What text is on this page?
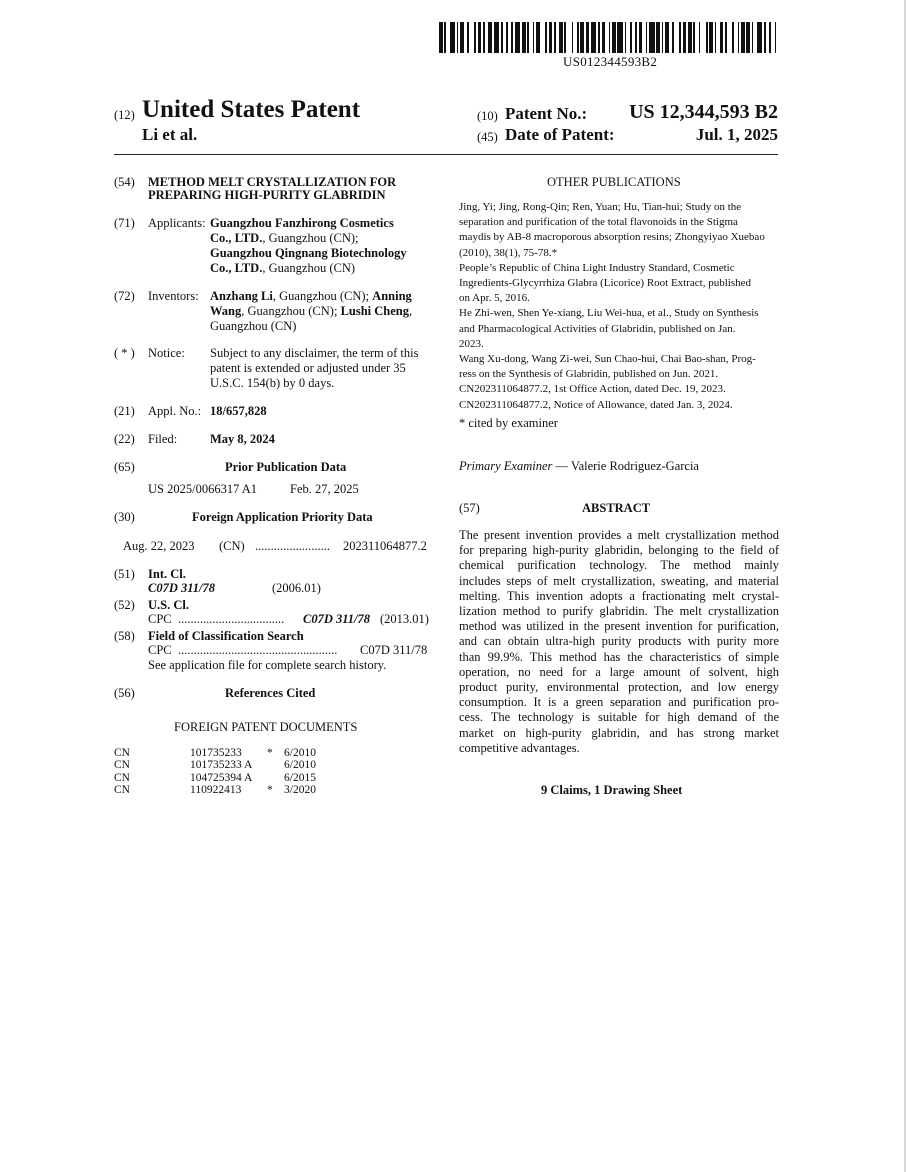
US012344593B2
(12) United States Patent
Li et al.
(10) Patent No.: US 12,344,593 B2
(45) Date of Patent:	Jul. 1, 2025
(54) METHOD MELT CRYSTALLIZATION FOR
PREPARING HIGH-PURITY GLABRIDIN
(71) Applicants: Guangzhou Fanzhirong Cosmetics
Co., LTD., Guangzhou (CN);
Guangzhou Qingnang Biotechnology
Co., LTD., Guangzhou (CN)
(72) Inventors: Anzhang Li, Guangzhou (CN); Anning
Wang, Guangzhou (CN); Lushi Cheng,
Guangzhou (CN)
( * ) Notice: Subject to any disclaimer, the term of this
patent is extended or adjusted under 35
U.S.C. 154(b) by 0 days.
(21) Appl. No.: 18/657,828
(22) Filed:	May 8, 2024
(65)	Prior Publication Data
US 2025/0066317 A1	Feb. 27, 2025
(30)	Foreign Application Priority Data
Aug. 22, 2023 (CN) ........................ 202311064877.2
(51) Int. Cl.
C07D 311/78	(2006.01)
(52) U.S. Cl.
CPC .................................. C07D 311/78 (2013.01)
(58) Field of Classification Search
CPC ................................................... C07D 311/78
See application file for complete search history.
(56)	References Cited
FOREIGN PATENT DOCUMENTS
CN	101735233 * 6/2010
CN	101735233 A	6/2010
CN	104725394 A	6/2015
CN	110922413 * 3/2020
OTHER PUBLICATIONS
Jing, Yi; Jing, Rong-Qin; Ren, Yuan; Hu, Tian-hui; Study on the
separation and purification of the total flavonoids in the Stigma
maydis by AB-8 macroporous absorption resins; Zhongyiyao Xuebao
(2010), 38(1), 75-78.*
People’s Republic of China Light Industry Standard, Cosmetic
Ingredients-Glycyrrhiza Glabra (Licorice) Root Extract, published
on Apr. 5, 2016.
He Zhi-wen, Shen Ye-xiang, Liu Wei-hua, et al., Study on Synthesis
and Pharmacological Activities of Glabridin, published on Jan.
2023.
Wang Xu-dong, Wang Zi-wei, Sun Chao-hui, Chai Bao-shan, Prog-
ress on the Synthesis of Glabridin, published on Jun. 2021.
CN202311064877.2, 1st Office Action, dated Dec. 19, 2023.
CN202311064877.2, Notice of Allowance, dated Jan. 3, 2024.
* cited by examiner
Primary Examiner — Valerie Rodriguez-Garcia
(57)	ABSTRACT
The present invention provides a melt crystallization method
for preparing high-purity glabridin, belonging to the field of
chemical purification technology. The method mainly
includes steps of melt crystallization, sweating, and material
melting. This invention adopts a fractionating melt crystal-
lization method to purify glabridin. The melt crystallization
method was utilized in the present invention for purification,
and can obtain ultra-high purity products with purity more
than 99.9%. This method has the characteristics of simple
operation, no need for a large amount of solvent, high
product purity, environmental protection, and low energy
consumption. It is a green separation and purification pro-
cess. The technology is suitable for high demand of the
market on high-purity glabridin, and has strong market
competitive advantages.
9 Claims, 1 Drawing Sheet
